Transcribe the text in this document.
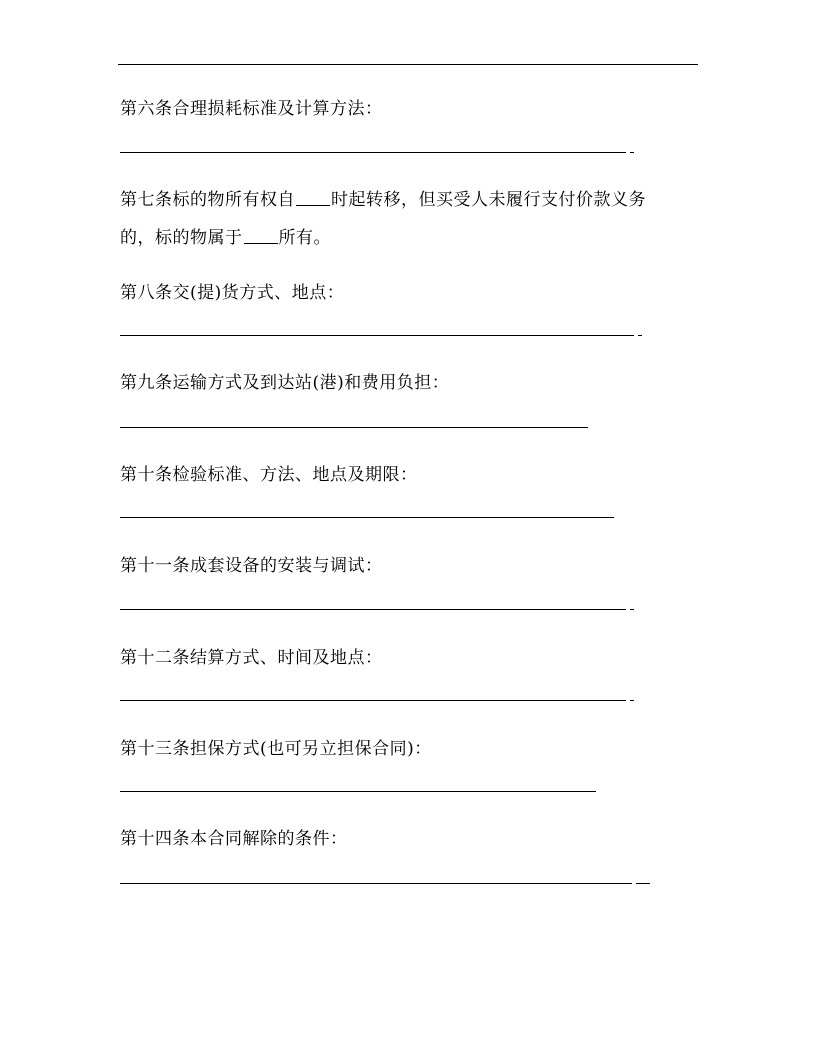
第六条合理损耗标准及计算方法：
第七条标的物所有权自 时起转移，但买受人未履行支付价款义务
的，标的物属于 所有。
第八条交(提)货方式、地点：
第九条运输方式及到达站(港)和费用负担：
第十条检验标准、方法、地点及期限：
第十一条成套设备的安装与调试：
第十二条结算方式、时间及地点：
第十三条担保方式(也可另立担保合同)：
第十四条本合同解除的条件：
